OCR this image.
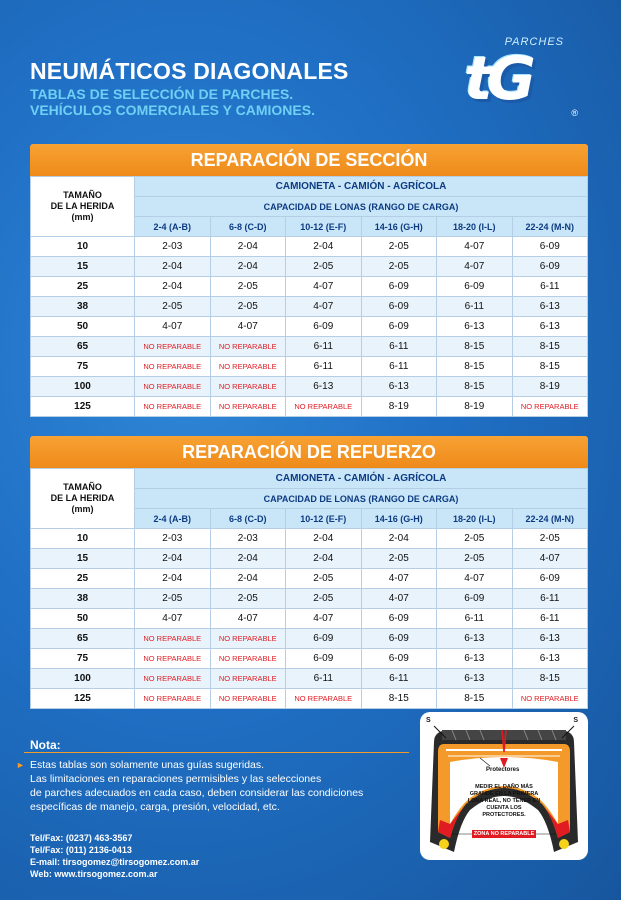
NEUMÁTICOS DIAGONALES
TABLAS DE SELECCIÓN DE PARCHES.
VEHÍCULOS COMERCIALES Y CAMIONES.
PARCHES
tG	®
REPARACIÓN DE SECCIÓN
TAMAÑO
DE LA HERIDA
(mm)	CAMIONETA - CAMIÓN - AGRÍCOLA					
	CAPACIDAD DE LONAS (RANGO DE CARGA)					
	2-4 (A-B)	6-8 (C-D)	10-12 (E-F)	14-16 (G-H)	18-20 (I-L)	22-24 (M-N)
10	2-03	2-04	2-04	2-05	4-07	6-09
15	2-04	2-04	2-05	2-05	4-07	6-09
25	2-04	2-05	4-07	6-09	6-09	6-11
38	2-05	2-05	4-07	6-09	6-11	6-13
50	4-07	4-07	6-09	6-09	6-13	6-13
65	NO REPARABLE	NO REPARABLE	6-11	6-11	8-15	8-15
75	NO REPARABLE	NO REPARABLE	6-11	6-11	8-15	8-15
100	NO REPARABLE	NO REPARABLE	6-13	6-13	8-15	8-19
125	NO REPARABLE	NO REPARABLE	NO REPARABLE	8-19	8-19	NO REPARABLE
REPARACIÓN DE REFUERZO
TAMAÑO
DE LA HERIDA
(mm)	CAMIONETA - CAMIÓN - AGRÍCOLA					
	CAPACIDAD DE LONAS (RANGO DE CARGA)					
	2-4 (A-B)	6-8 (C-D)	10-12 (E-F)	14-16 (G-H)	18-20 (I-L)	22-24 (M-N)
10	2-03	2-03	2-04	2-04	2-05	2-05
15	2-04	2-04	2-04	2-05	2-05	4-07
25	2-04	2-04	2-05	4-07	4-07	6-09
38	2-05	2-05	2-05	4-07	6-09	6-11
50	4-07	4-07	4-07	6-09	6-11	6-11
65	NO REPARABLE	NO REPARABLE	6-09	6-09	6-13	6-13
75	NO REPARABLE	NO REPARABLE	6-09	6-09	6-13	6-13
100	NO REPARABLE	NO REPARABLE	6-11	6-11	6-13	8-15
125	NO REPARABLE	NO REPARABLE	NO REPARABLE	8-15	8-15	NO REPARABLE
Nota:
► Estas tablas son solamente unas guías sugeridas.
Las limitaciones en reparaciones permisibles y las selecciones
de parches adecuados en cada caso, deben considerar las condiciones
específicas de manejo, carga, presión, velocidad, etc.
Tel/Fax: (0237) 463-3567
Tel/Fax: (011) 2136-0413
E-mail: tirsogomez@tirsogomez.com.ar
Web: www.tirsogomez.com.ar
S	S
Protectores
MEDIR EL DAÑO MÁS
GRANDE EN LA PRIMERA
LONA REAL, NO TENER EN
CUENTA LOS
PROTECTORES.
ZONA NO REPARABLE
